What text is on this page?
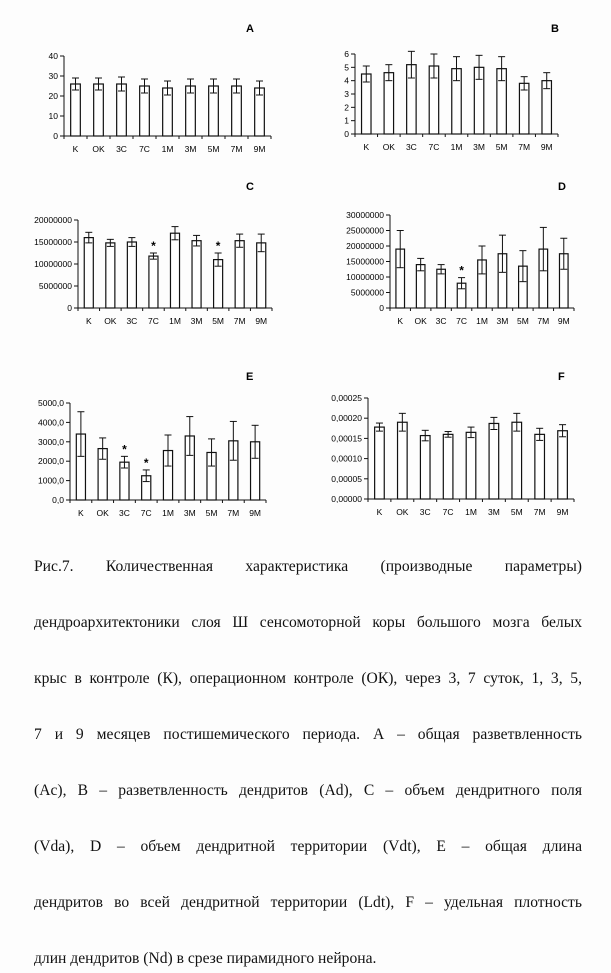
A
0
10
20
30
40
K OK 3C 7C 1M 3M 5M 7M 9M
B
0
1
2
3
4
5
6
K OK 3C 7C 1M 3M 5M 7M 9M
C
0
5000000
10000000
15000000
20000000
K OK 3C
*
7C 1M 3M
*
5M 7M 9M
D
0
5000000
10000000
15000000
20000000
25000000
30000000
K OK 3C
*
7C 1M 3M 5M 7M 9M
E
0,0
1000,0
2000,0
3000,0
4000,0
5000,0
K OK
*
3C
*
7C 1M 3M 5M 7M 9M
F
0,00000
0,00005
0,00010
0,00015
0,00020
0,00025
K OK 3C 7C 1M 3M 5M 7M 9M

Рис.7. Количественная характеристика (производные параметры)
дендроархитектоники слоя Ш сенсомоторной коры большого мозга белых
крыс в контроле (К), операционном контроле (ОК), через 3, 7 суток, 1, 3, 5,
7 и 9 месяцев постишемического периода. А – общая разветвленность
(Ac), В – разветвленность дендритов (Ad), С – объем дендритного поля
(Vda), D – объем дендритной территории (Vdt), E – общая длина
дендритов во всей дендритной территории (Ldt), F – удельная плотность
длин дендритов (Nd) в срезе пирамидного нейрона.
